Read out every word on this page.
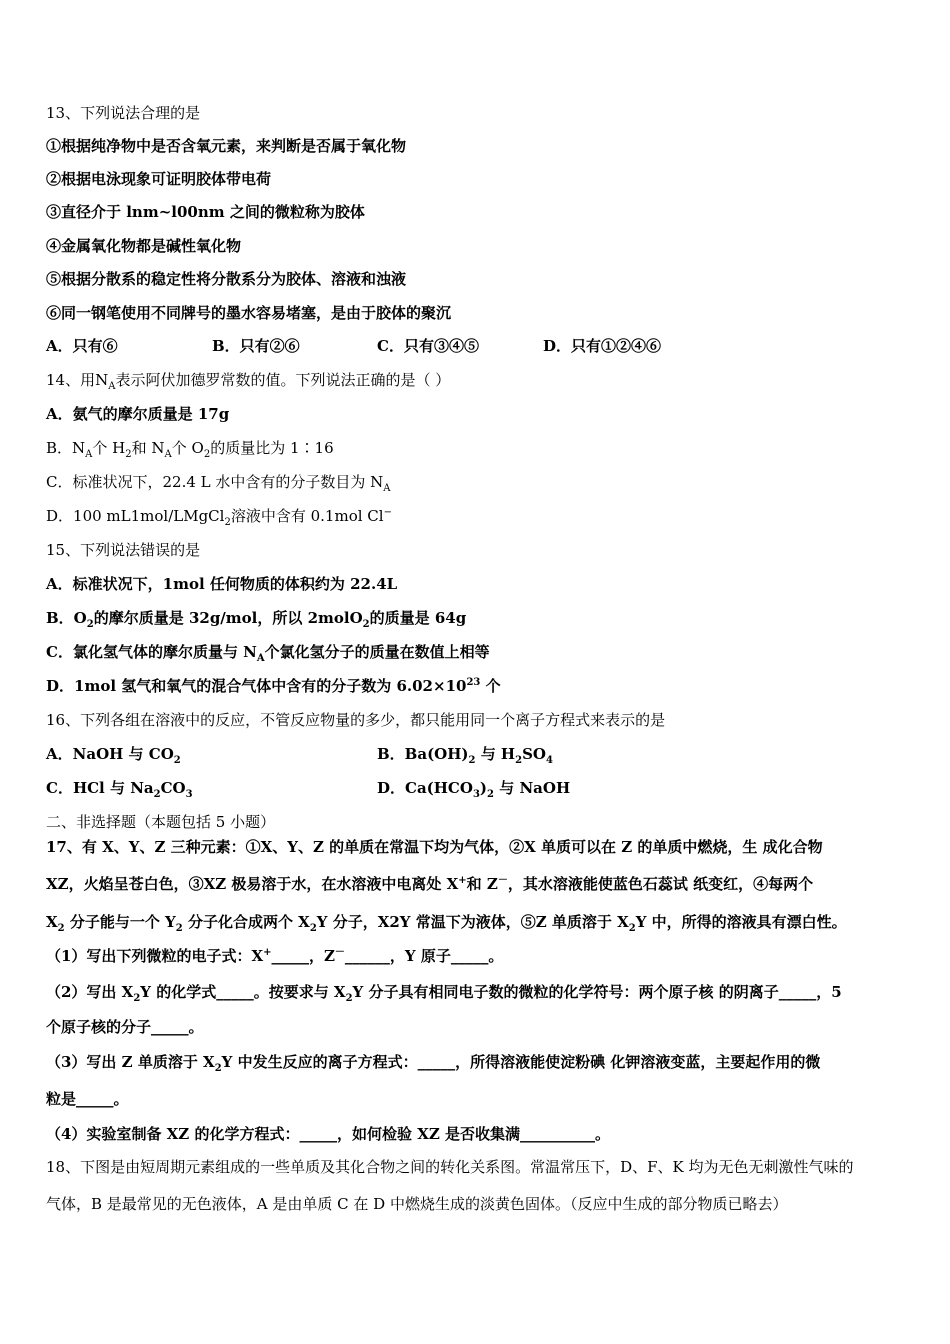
13、下列说法合理的是
①根据纯净物中是否含氧元素，来判断是否属于氧化物
②根据电泳现象可证明胶体带电荷
③直径介于 lnm~l00nm 之间的微粒称为胶体
④金属氧化物都是碱性氧化物
⑤根据分散系的稳定性将分散系分为胶体、溶液和浊液
⑥同一钢笔使用不同牌号的墨水容易堵塞，是由于胶体的聚沉
A．只有⑥	B．只有②⑥	C．只有③④⑤	D．只有①②④⑥
14、用$N_A$表示阿伏加德罗常数的值。下列说法正确的是（ ）
A．氨气的摩尔质量是 17g
B．$N_A$个 $H_2$和 $N_A$个 $O_2$的质量比为 1∶16
C．标准状况下，22.4 L 水中含有的分子数目为 $N_A$
D．100 mL1mol/LMgCl$_2$溶液中含有 0.1mol Cl−
15、下列说法错误的是
A．标准状况下，1mol 任何物质的体积约为 22.4L
B．$O_2$的摩尔质量是 32g/mol，所以 2molO$_2$的质量是 64g
C．氯化氢气体的摩尔质量与 $N_A$个氯化氢分子的质量在数值上相等
D．1mol 氢气和氧气的混合气体中含有的分子数为 $6.02\times 10^{23}$ 个
16、下列各组在溶液中的反应，不管反应物量的多少，都只能用同一个离子方程式来表示的是
A．NaOH 与 $CO_2$	B．$Ba(OH)_2$ 与 $H_2SO_4$
C．HCl 与 $Na_2CO_3$	D．$Ca(HCO_3)_2$ 与 NaOH
二、非选择题（本题包括 5 小题）
17、有 X、Y、Z 三种元素：①X、Y、Z 的单质在常温下均为气体，②X 单质可以在 Z 的单质中燃烧，生 成化合物
XZ，火焰呈苍白色，③XZ 极易溶于水，在水溶液中电离处 X+和 Z－，其水溶液能使蓝色石蕊试 纸变红，④每两个
$X_2$ 分子能与一个 $Y_2$ 分子化合成两个 $X_2Y$ 分子，X2Y 常温下为液体，⑤Z 单质溶于 $X_2Y$ 中，所得的溶液具有漂白性。
（1）写出下列微粒的电子式：X+_____，Z－______，Y 原子_____。
（2）写出 $X_2Y$ 的化学式_____。按要求与 $X_2Y$ 分子具有相同电子数的微粒的化学符号：两个原子核 的阴离子_____，5
个原子核的分子_____。
（3）写出 Z 单质溶于 $X_2Y$ 中发生反应的离子方程式：_____，所得溶液能使淀粉碘 化钾溶液变蓝，主要起作用的微
粒是_____。
（4）实验室制备 XZ 的化学方程式：_____，如何检验 XZ 是否收集满__________。
18、下图是由短周期元素组成的一些单质及其化合物之间的转化关系图。常温常压下，D、F、K 均为无色无刺激性气味的
气体，B 是最常见的无色液体，A 是由单质 C 在 D 中燃烧生成的淡黄色固体。（反应中生成的部分物质已略去）
